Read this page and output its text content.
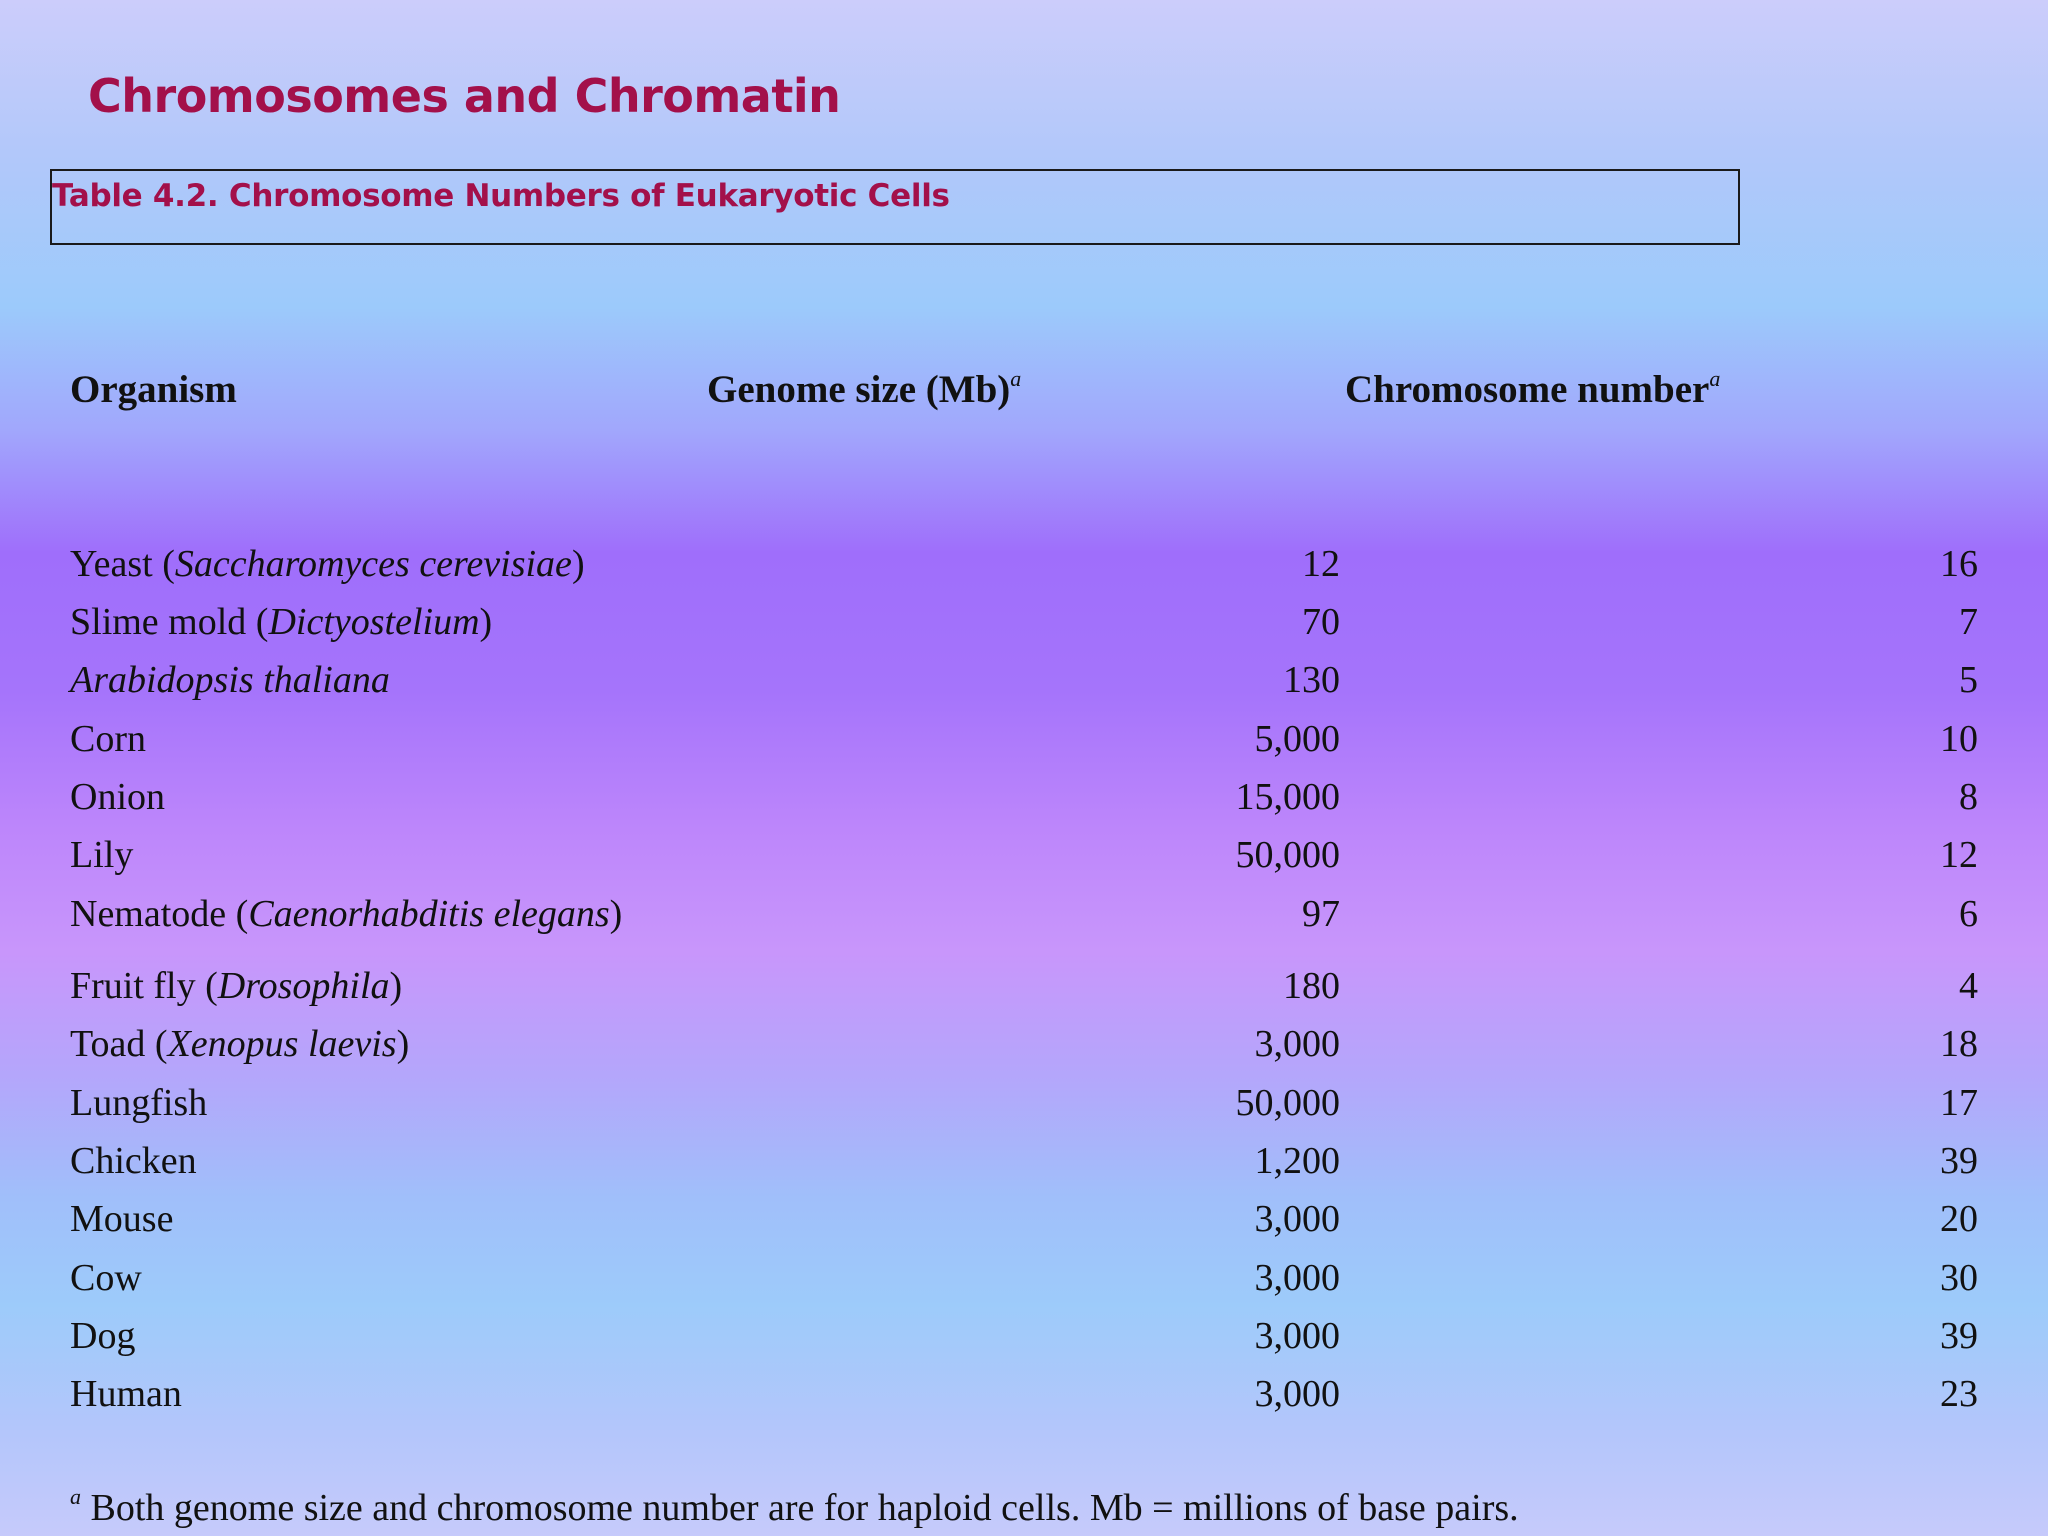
Chromosomes and Chromatin

Table 4.2. Chromosome Numbers of Eukaryotic Cells

Organism	Genome size $(Mb)^a$	Chromosome number$^a$
Yeast (Saccharomyces cerevisiae)	12	16
Slime mold (Dictyostelium)	70	7
Arabidopsis thaliana	130	5
Corn	5,000	10
Onion	15,000	8
Lily	50,000	12
Nematode (Caenorhabditis elegans)	97	6
Fruit fly (Drosophila)	180	4
Toad (Xenopus laevis)	3,000	18
Lungfish	50,000	17
Chicken	1,200	39
Mouse	3,000	20
Cow	3,000	30
Dog	3,000	39
Human	3,000	23

$^a$ Both genome size and chromosome number are for haploid cells. Mb = millions of base pairs.
